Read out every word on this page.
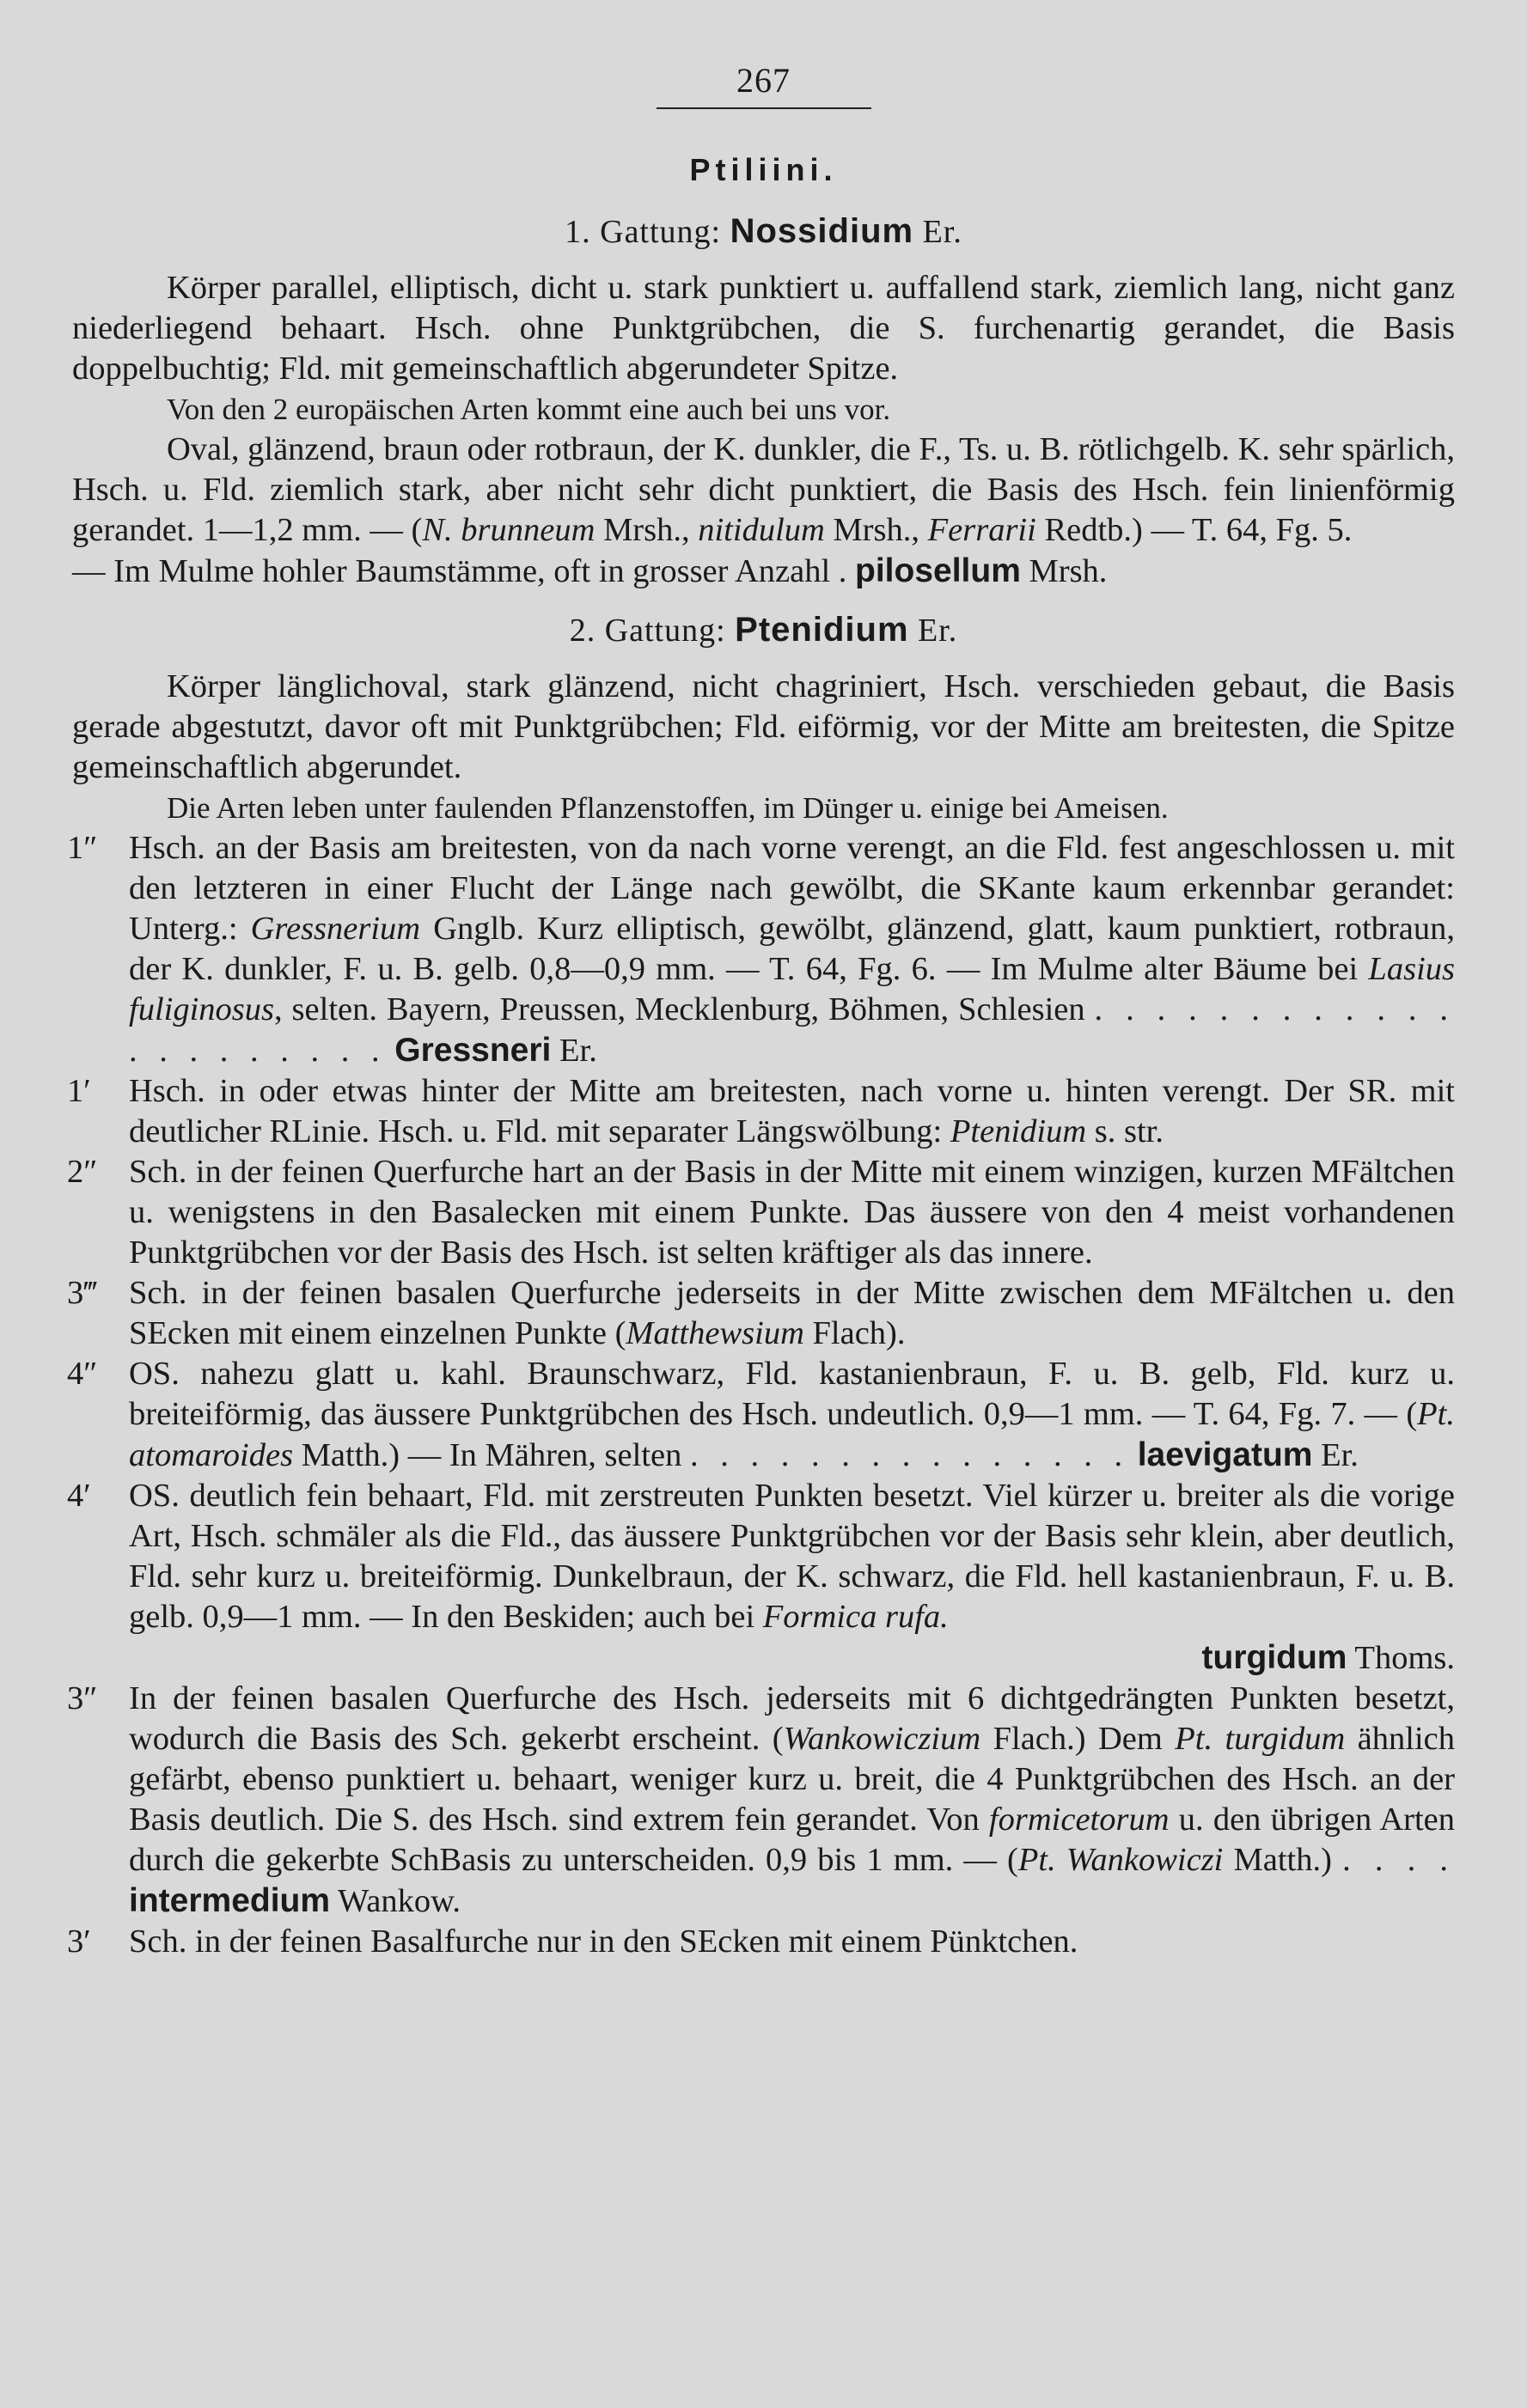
267
Ptiliini.
1. Gattung: Nossidium Er.

Körper parallel, elliptisch, dicht u. stark punktiert u. auffallend stark, ziemlich lang, nicht ganz niederliegend behaart. Hsch. ohne Punktgrübchen, die S. furchenartig gerandet, die Basis doppelbuchtig; Fld. mit gemeinschaftlich abgerundeter Spitze.

Von den 2 europäischen Arten kommt eine auch bei uns vor.

Oval, glänzend, braun oder rotbraun, der K. dunkler, die F., Ts. u. B. rötlichgelb. K. sehr spärlich, Hsch. u. Fld. ziemlich stark, aber nicht sehr dicht punktiert, die Basis des Hsch. fein linienförmig gerandet. 1—1,2 mm. — (N. brunneum Mrsh., nitidulum Mrsh., Ferrarii Redtb.) — T. 64, Fg. 5.

— Im Mulme hohler Baumstämme, oft in grosser Anzahl . pilosellum Mrsh.

2. Gattung: Ptenidium Er.

Körper länglichoval, stark glänzend, nicht chagriniert, Hsch. verschieden gebaut, die Basis gerade abgestutzt, davor oft mit Punktgrübchen; Fld. eiförmig, vor der Mitte am breitesten, die Spitze gemeinschaftlich abgerundet.

Die Arten leben unter faulenden Pflanzenstoffen, im Dünger u. einige bei Ameisen.

1″ Hsch. an der Basis am breitesten, von da nach vorne verengt, an die Fld. fest angeschlossen u. mit den letzteren in einer Flucht der Länge nach gewölbt, die SKante kaum erkennbar gerandet: Unterg.: Gressnerium Gnglb. Kurz elliptisch, gewölbt, glänzend, glatt, kaum punktiert, rotbraun, der K. dunkler, F. u. B. gelb. 0,8—0,9 mm. — T. 64, Fg. 6. — Im Mulme alter Bäume bei Lasius fuliginosus, selten. Bayern, Preussen, Mecklenburg, Böhmen, Schlesien . . . . . . . . . . . . . . . . . . . . . Gressneri Er.
1′	Hsch. in oder etwas hinter der Mitte am breitesten, nach vorne u. hinten verengt. Der SR. mit deutlicher RLinie. Hsch. u. Fld. mit separater Längswölbung: Ptenidium s. str.
2″ Sch. in der feinen Querfurche hart an der Basis in der Mitte mit einem winzigen, kurzen MFältchen u. wenigstens in den Basalecken mit einem Punkte. Das äussere von den 4 meist vorhandenen Punktgrübchen vor der Basis des Hsch. ist selten kräftiger als das innere.
3‴ Sch. in der feinen basalen Querfurche jederseits in der Mitte zwischen dem MFältchen u. den SEcken mit einem einzelnen Punkte (Matthewsium Flach).
4″ OS. nahezu glatt u. kahl. Braunschwarz, Fld. kastanienbraun, F. u. B. gelb, Fld. kurz u. breiteiförmig, das äussere Punktgrübchen des Hsch. undeutlich. 0,9—1 mm. — T. 64, Fg. 7. — (Pt. atomaroides Matth.) — In Mähren, selten . . . . . . . . . . . . . . . laevigatum Er.
4′	OS. deutlich fein behaart, Fld. mit zerstreuten Punkten besetzt. Viel kürzer u. breiter als die vorige Art, Hsch. schmäler als die Fld., das äussere Punktgrübchen vor der Basis sehr klein, aber deutlich, Fld. sehr kurz u. breiteiförmig. Dunkelbraun, der K. schwarz, die Fld. hell kastanienbraun, F. u. B. gelb. 0,9—1 mm. — In den Beskiden; auch bei Formica rufa.
turgidum Thoms.
3″ In der feinen basalen Querfurche des Hsch. jederseits mit 6 dichtgedrängten Punkten besetzt, wodurch die Basis des Sch. gekerbt erscheint. (Wankowiczium Flach.) Dem Pt. turgidum ähnlich gefärbt, ebenso punktiert u. behaart, weniger kurz u. breit, die 4 Punktgrübchen des Hsch. an der Basis deutlich. Die S. des Hsch. sind extrem fein gerandet. Von formicetorum u. den übrigen Arten durch die gekerbte SchBasis zu unterscheiden. 0,9 bis 1 mm. — (Pt. Wankowiczi Matth.) . . . . intermedium Wankow.
3′	Sch. in der feinen Basalfurche nur in den SEcken mit einem Pünktchen.
